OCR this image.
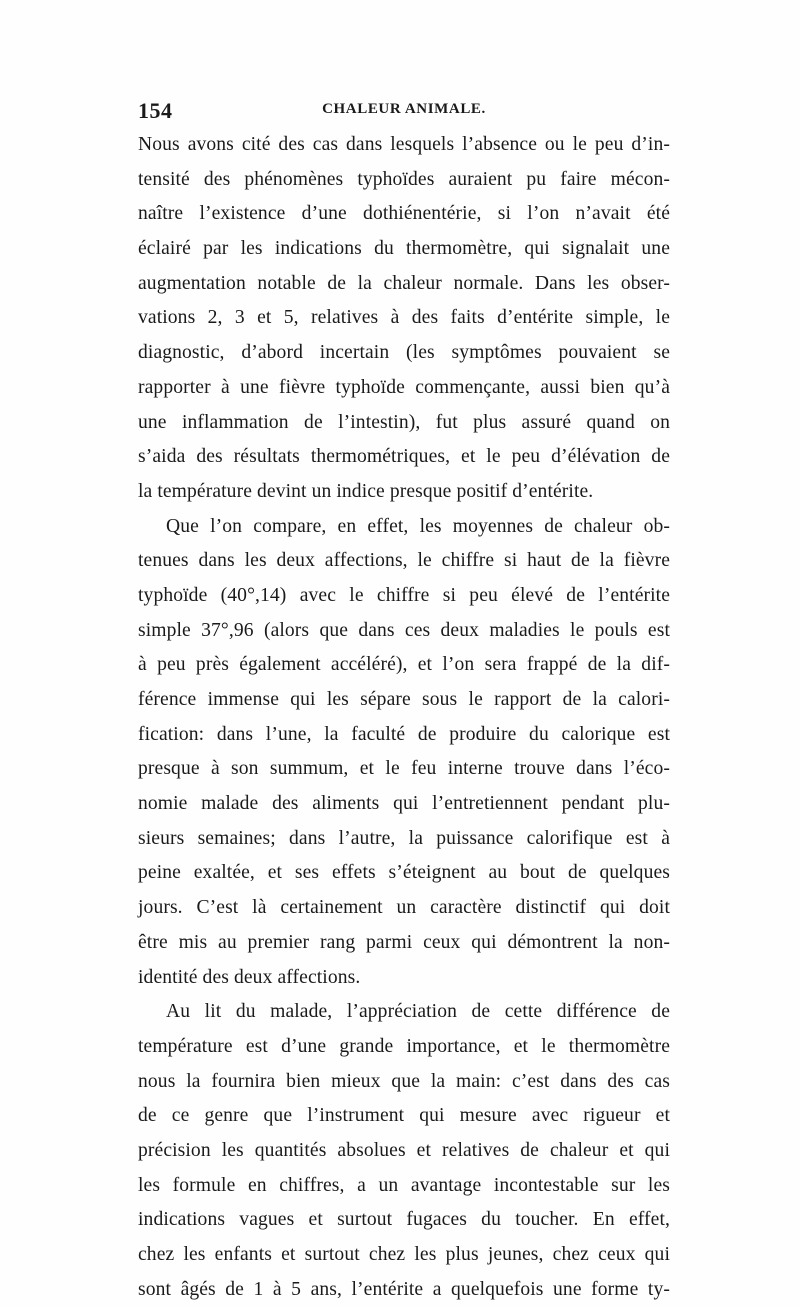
154	CHALEUR ANIMALE.
Nous avons cité des cas dans lesquels l’absence ou le peu d’in-
tensité des phénomènes typhoïdes auraient pu faire mécon-
naître l’existence d’une dothiénentérie, si l’on n’avait été
éclairé par les indications du thermomètre, qui signalait une
augmentation notable de la chaleur normale. Dans les obser-
vations 2, 3 et 5, relatives à des faits d’entérite simple, le
diagnostic, d’abord incertain (les symptômes pouvaient se
rapporter à une fièvre typhoïde commençante, aussi bien qu’à
une inflammation de l’intestin), fut plus assuré quand on
s’aida des résultats thermométriques, et le peu d’élévation de
la température devint un indice presque positif d’entérite.
Que l’on compare, en effet, les moyennes de chaleur ob-
tenues dans les deux affections, le chiffre si haut de la fièvre
typhoïde (40°,14) avec le chiffre si peu élevé de l’entérite
simple 37°,96 (alors que dans ces deux maladies le pouls est
à peu près également accéléré), et l’on sera frappé de la dif-
férence immense qui les sépare sous le rapport de la calori-
fication: dans l’une, la faculté de produire du calorique est
presque à son summum, et le feu interne trouve dans l’éco-
nomie malade des aliments qui l’entretiennent pendant plu-
sieurs semaines; dans l’autre, la puissance calorifique est à
peine exaltée, et ses effets s’éteignent au bout de quelques
jours. C’est là certainement un caractère distinctif qui doit
être mis au premier rang parmi ceux qui démontrent la non-
identité des deux affections.
Au lit du malade, l’appréciation de cette différence de
température est d’une grande importance, et le thermomètre
nous la fournira bien mieux que la main: c’est dans des cas
de ce genre que l’instrument qui mesure avec rigueur et
précision les quantités absolues et relatives de chaleur et qui
les formule en chiffres, a un avantage incontestable sur les
indications vagues et surtout fugaces du toucher. En effet,
chez les enfants et surtout chez les plus jeunes, chez ceux qui
sont âgés de 1 à 5 ans, l’entérite a quelquefois une forme ty-
